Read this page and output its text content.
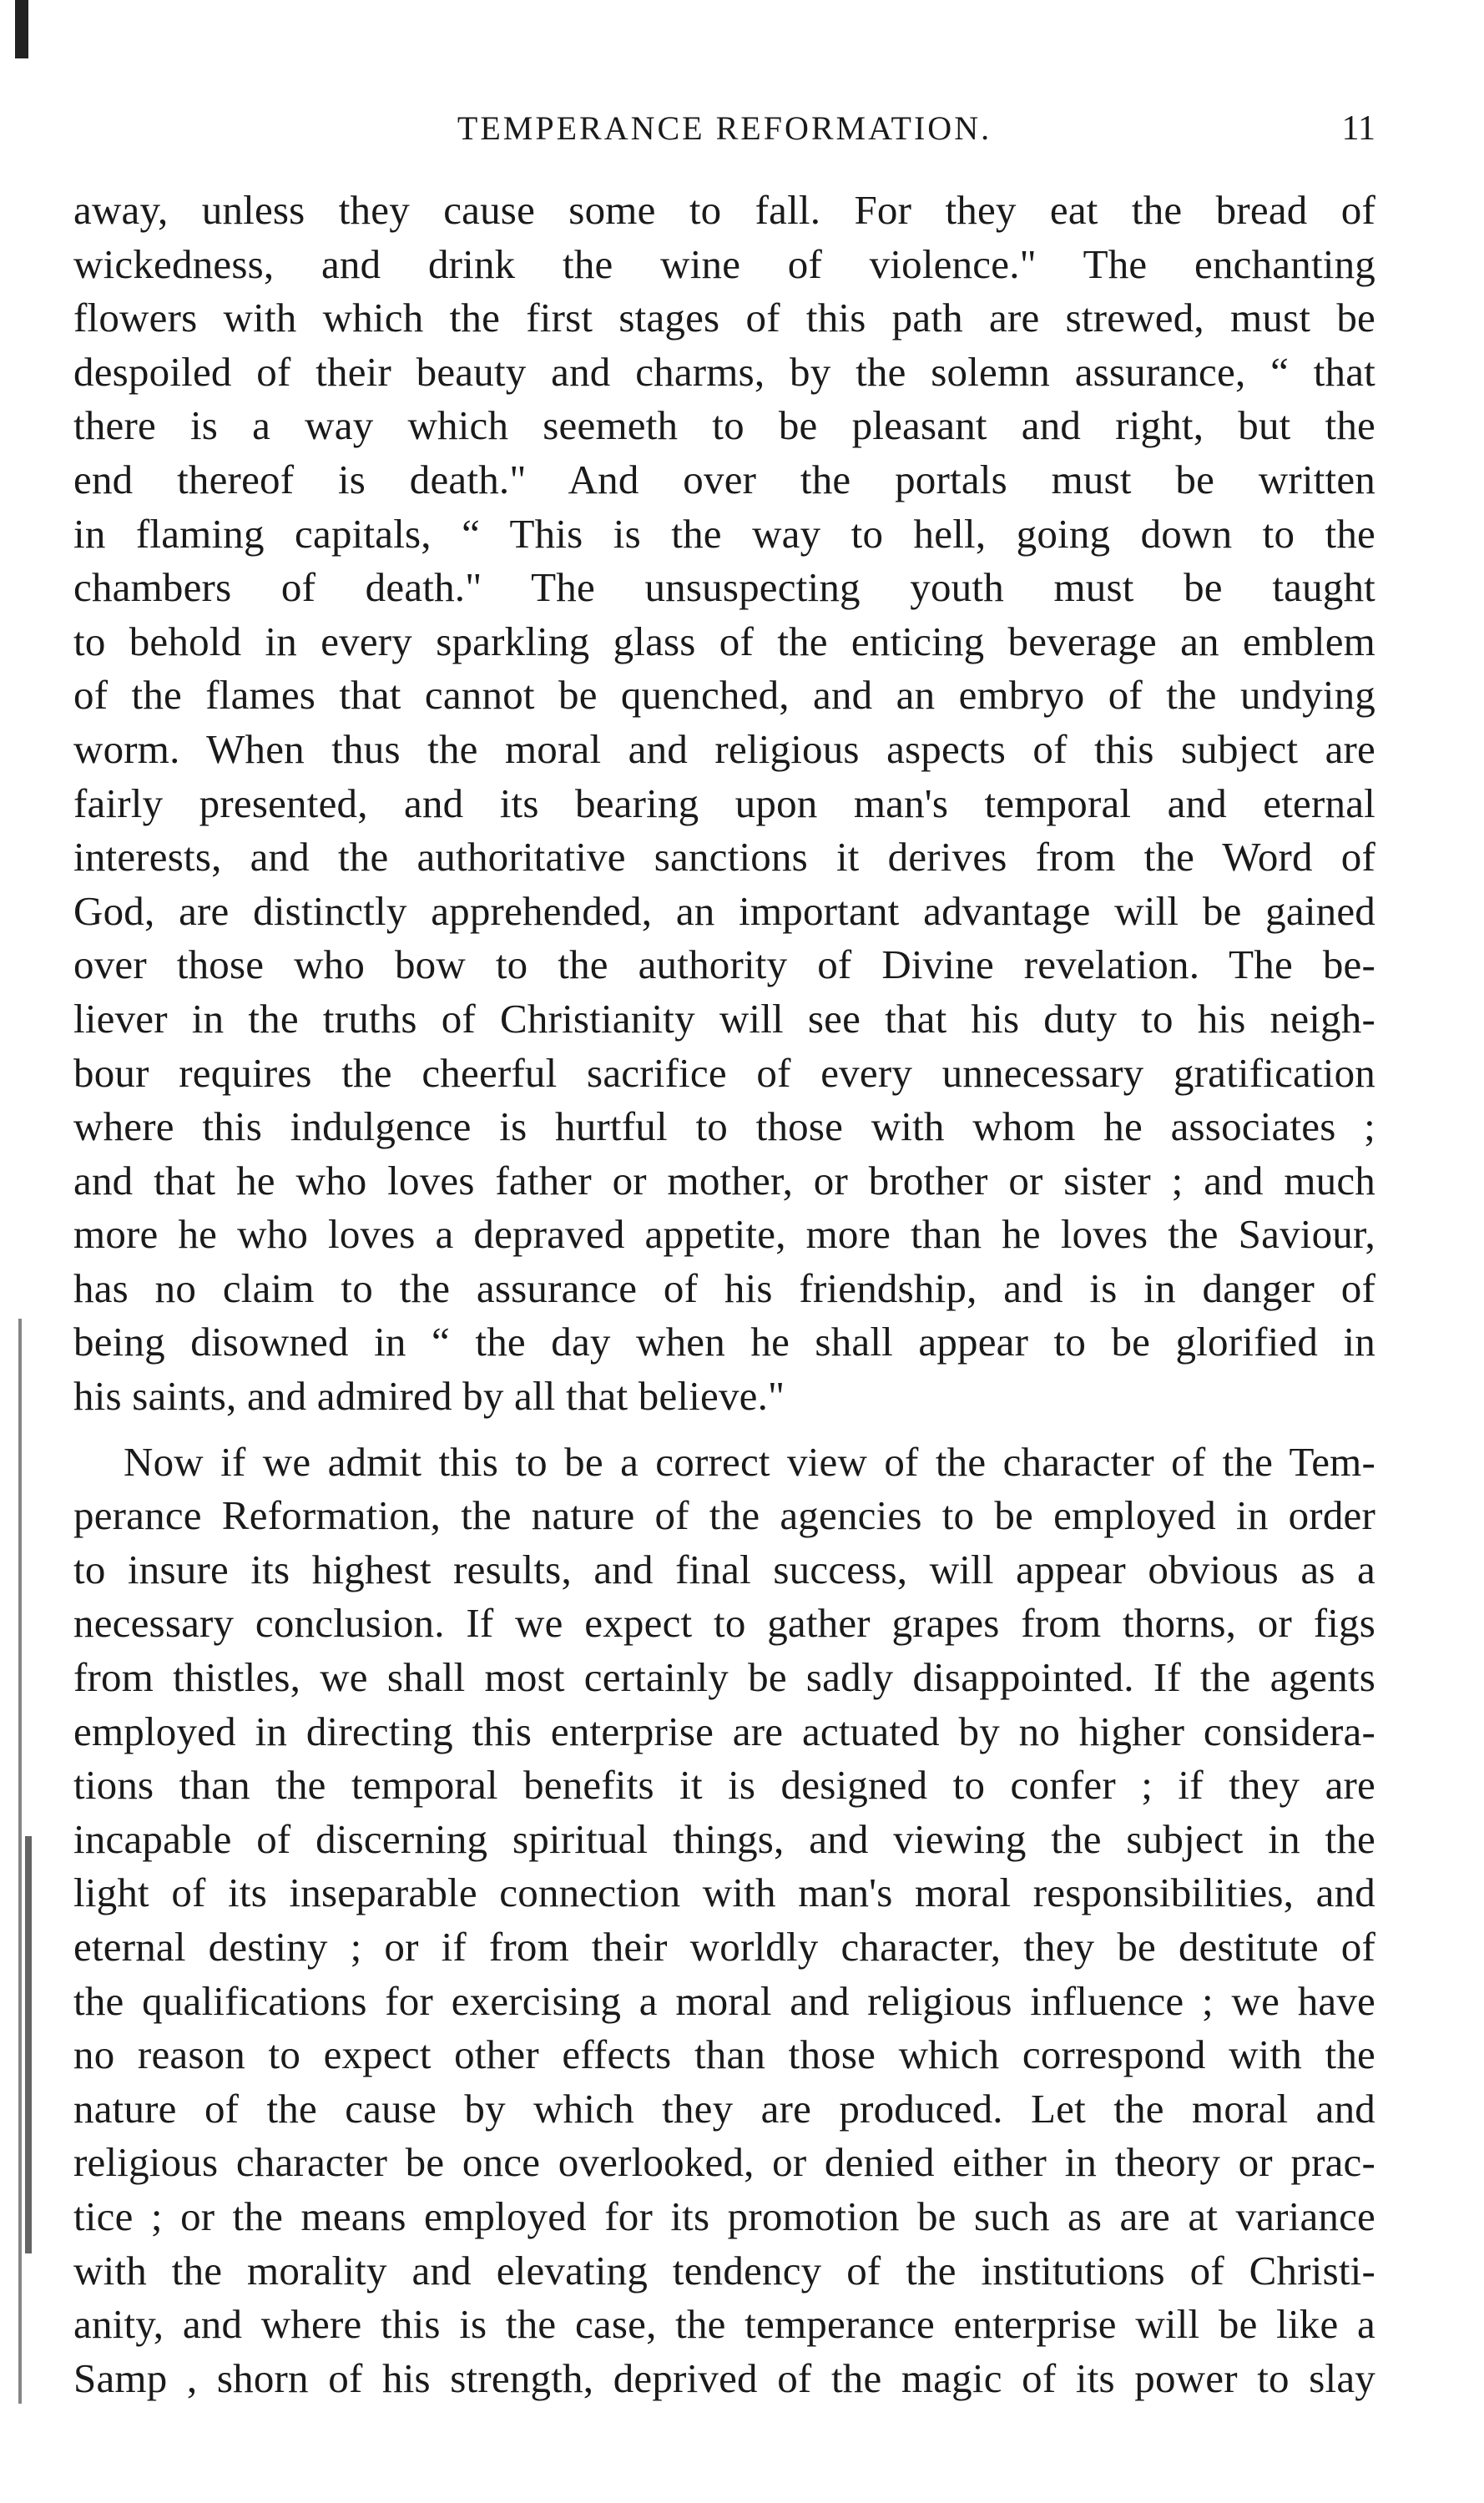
TEMPERANCE REFORMATION.	11
away, unless they cause some to fall. For they eat the bread of
wickedness, and drink the wine of violence." The enchanting
flowers with which the first stages of this path are strewed, must be
despoiled of their beauty and charms, by the solemn assurance, “ that
there is a way which seemeth to be pleasant and right, but the
end thereof is death." And over the portals must be written
in flaming capitals, “ This is the way to hell, going down to the
chambers of death." The unsuspecting youth must be taught
to behold in every sparkling glass of the enticing beverage an emblem
of the flames that cannot be quenched, and an embryo of the undying
worm. When thus the moral and religious aspects of this subject are
fairly presented, and its bearing upon man's temporal and eternal
interests, and the authoritative sanctions it derives from the Word of
God, are distinctly apprehended, an important advantage will be gained
over those who bow to the authority of Divine revelation. The be-
liever in the truths of Christianity will see that his duty to his neigh-
bour requires the cheerful sacrifice of every unnecessary gratification
where this indulgence is hurtful to those with whom he associates ;
and that he who loves father or mother, or brother or sister ; and much
more he who loves a depraved appetite, more than he loves the Saviour,
has no claim to the assurance of his friendship, and is in danger of
being disowned in “ the day when he shall appear to be glorified in
his saints, and admired by all that believe."
Now if we admit this to be a correct view of the character of the Tem-
perance Reformation, the nature of the agencies to be employed in order
to insure its highest results, and final success, will appear obvious as a
necessary conclusion. If we expect to gather grapes from thorns, or figs
from thistles, we shall most certainly be sadly disappointed. If the agents
employed in directing this enterprise are actuated by no higher considera-
tions than the temporal benefits it is designed to confer ; if they are
incapable of discerning spiritual things, and viewing the subject in the
light of its inseparable connection with man's moral responsibilities, and
eternal destiny ; or if from their worldly character, they be destitute of
the qualifications for exercising a moral and religious influence ; we have
no reason to expect other effects than those which correspond with the
nature of the cause by which they are produced. Let the moral and
religious character be once overlooked, or denied either in theory or prac-
tice ; or the means employed for its promotion be such as are at variance
with the morality and elevating tendency of the institutions of Christi-
anity, and where this is the case, the temperance enterprise will be like a
Samp , shorn of his strength, deprived of the magic of its power to slay
